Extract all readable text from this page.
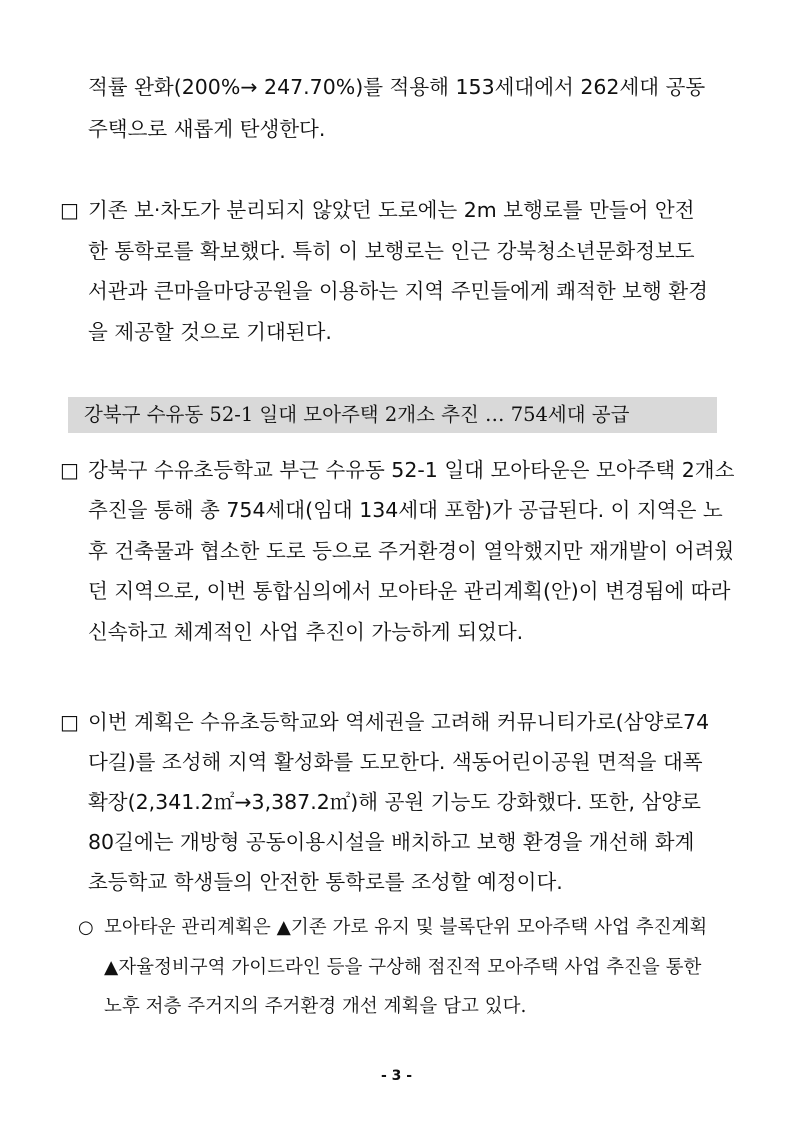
적률 완화(200%→ 247.70%)를 적용해 153세대에서 262세대 공동
주택으로 새롭게 탄생한다.
□ 기존 보·차도가 분리되지 않았던 도로에는 2m 보행로를 만들어 안전
한 통학로를 확보했다. 특히 이 보행로는 인근 강북청소년문화정보도
서관과 큰마을마당공원을 이용하는 지역 주민들에게 쾌적한 보행 환경
을 제공할 것으로 기대된다.
강북구 수유동 52-1 일대 모아주택 2개소 추진 … 754세대 공급
□ 강북구 수유초등학교 부근 수유동 52-1 일대 모아타운은 모아주택 2개소
추진을 통해 총 754세대(임대 134세대 포함)가 공급된다. 이 지역은 노
후 건축물과 협소한 도로 등으로 주거환경이 열악했지만 재개발이 어려웠
던 지역으로, 이번 통합심의에서 모아타운 관리계획(안)이 변경됨에 따라
신속하고 체계적인 사업 추진이 가능하게 되었다.
□ 이번 계획은 수유초등학교와 역세권을 고려해 커뮤니티가로(삼양로74
다길)를 조성해 지역 활성화를 도모한다. 색동어린이공원 면적을 대폭
확장(2,341.2㎡→3,387.2㎡)해 공원 기능도 강화했다. 또한, 삼양로
80길에는 개방형 공동이용시설을 배치하고 보행 환경을 개선해 화계
초등학교 학생들의 안전한 통학로를 조성할 예정이다.
○ 모아타운 관리계획은 ▲기존 가로 유지 및 블록단위 모아주택 사업 추진계획
▲자율정비구역 가이드라인 등을 구상해 점진적 모아주택 사업 추진을 통한
노후 저층 주거지의 주거환경 개선 계획을 담고 있다.
- 3 -
